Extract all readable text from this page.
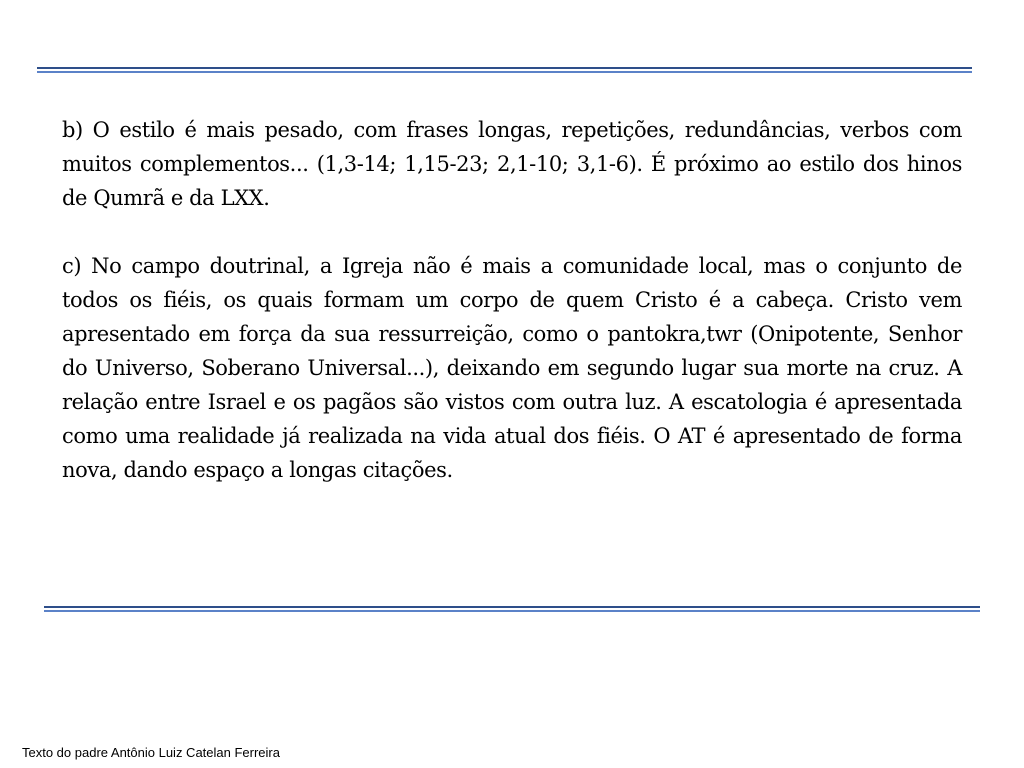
b) O estilo é mais pesado, com frases longas, repetições, redundâncias, verbos com muitos complementos... (1,3-14; 1,15-23; 2,1-10; 3,1-6). É próximo ao estilo dos hinos de Qumrã e da LXX.

c) No campo doutrinal, a Igreja não é mais a comunidade local, mas o conjunto de todos os fiéis, os quais formam um corpo de quem Cristo é a cabeça. Cristo vem apresentado em força da sua ressurreição, como o pantokra,twr (Onipotente, Senhor do Universo, Soberano Universal...), deixando em segundo lugar sua morte na cruz. A relação entre Israel e os pagãos são vistos com outra luz. A escatologia é apresentada como uma realidade já realizada na vida atual dos fiéis. O AT é apresentado de forma nova, dando espaço a longas citações.

Texto do padre Antônio Luiz Catelan Ferreira
